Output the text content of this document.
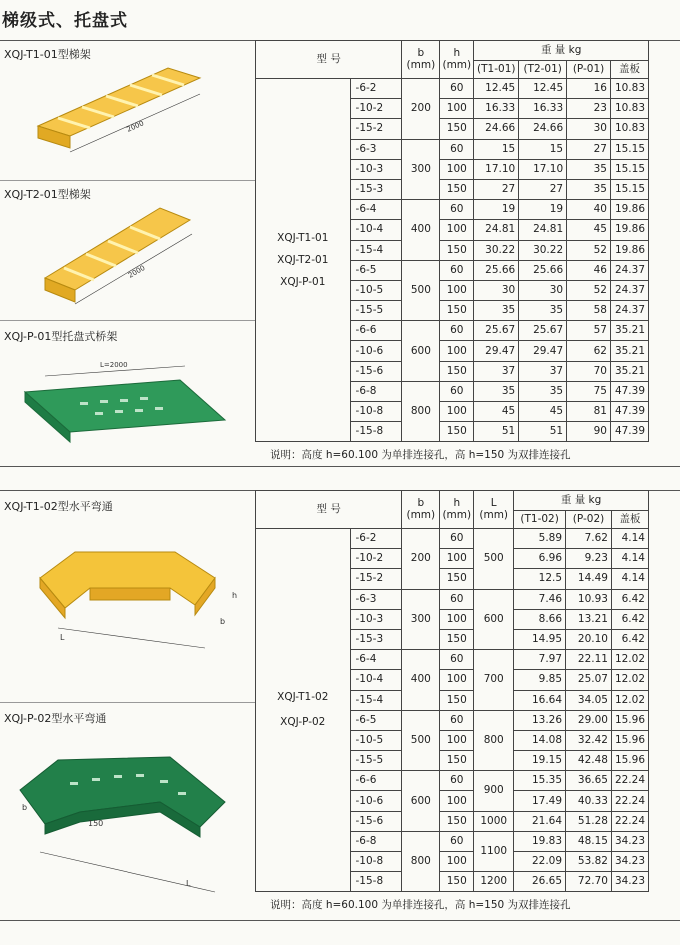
梯级式、托盘式
XQJ-T1-01型梯架
2000
XQJ-T2-01型梯架
2000
XQJ-P-01型托盘式桥架
L=2000
型 号		b
(mm)	h
(mm)	重 量 kg			
				(T1-01)	(T2-01)	(P-01)	盖板

XQJ-T1-01
XQJ-T2-01
XQJ-P-01	-6-2	200	60	12.45	12.45	16	10.83
	-10-2		100	16.33	16.33	23	10.83
	-15-2		150	24.66	24.66	30	10.83
	-6-3	300	60	15	15	27	15.15
	-10-3		100	17.10	17.10	35	15.15
	-15-3		150	27	27	35	15.15
	-6-4	400	60	19	19	40	19.86
	-10-4		100	24.81	24.81	45	19.86
	-15-4		150	30.22	30.22	52	19.86
	-6-5	500	60	25.66	25.66	46	24.37
	-10-5		100	30	30	52	24.37
	-15-5		150	35	35	58	24.37
	-6-6	600	60	25.67	25.67	57	35.21
	-10-6		100	29.47	29.47	62	35.21
	-15-6		150	37	37	70	35.21
	-6-8	800	60	35	35	75	47.39
	-10-8		100	45	45	81	47.39
	-15-8		150	51	51	90	47.39
说明：高度 h=60.100 为单排连接孔，高 h=150 为双排连接孔
XQJ-T1-02型水平弯通
L
h
b
XQJ-P-02型水平弯通
L
150
b
型 号		b
(mm)	h
(mm)	L
(mm)	重 量 kg		
					(T1-02)	(P-02)	盖板

XQJ-T1-02
XQJ-P-02	-6-2	200	60	500	5.89	7.62	4.14
	-10-2		100		6.96	9.23	4.14
	-15-2		150		12.5	14.49	4.14
	-6-3	300	60	600	7.46	10.93	6.42
	-10-3		100		8.66	13.21	6.42
	-15-3		150		14.95	20.10	6.42
	-6-4	400	60	700	7.97	22.11	12.02
	-10-4		100		9.85	25.07	12.02
	-15-4		150		16.64	34.05	12.02
	-6-5	500	60	800	13.26	29.00	15.96
	-10-5		100		14.08	32.42	15.96
	-15-5		150		19.15	42.48	15.96
	-6-6	600	60	900	15.35	36.65	22.24
	-10-6		100		17.49	40.33	22.24
	-15-6		150	1000	21.64	51.28	22.24
	-6-8	800	60	1100	19.83	48.15	34.23
	-10-8		100		22.09	53.82	34.23
	-15-8		150	1200	26.65	72.70	34.23
说明：高度 h=60.100 为单排连接孔，高 h=150 为双排连接孔
